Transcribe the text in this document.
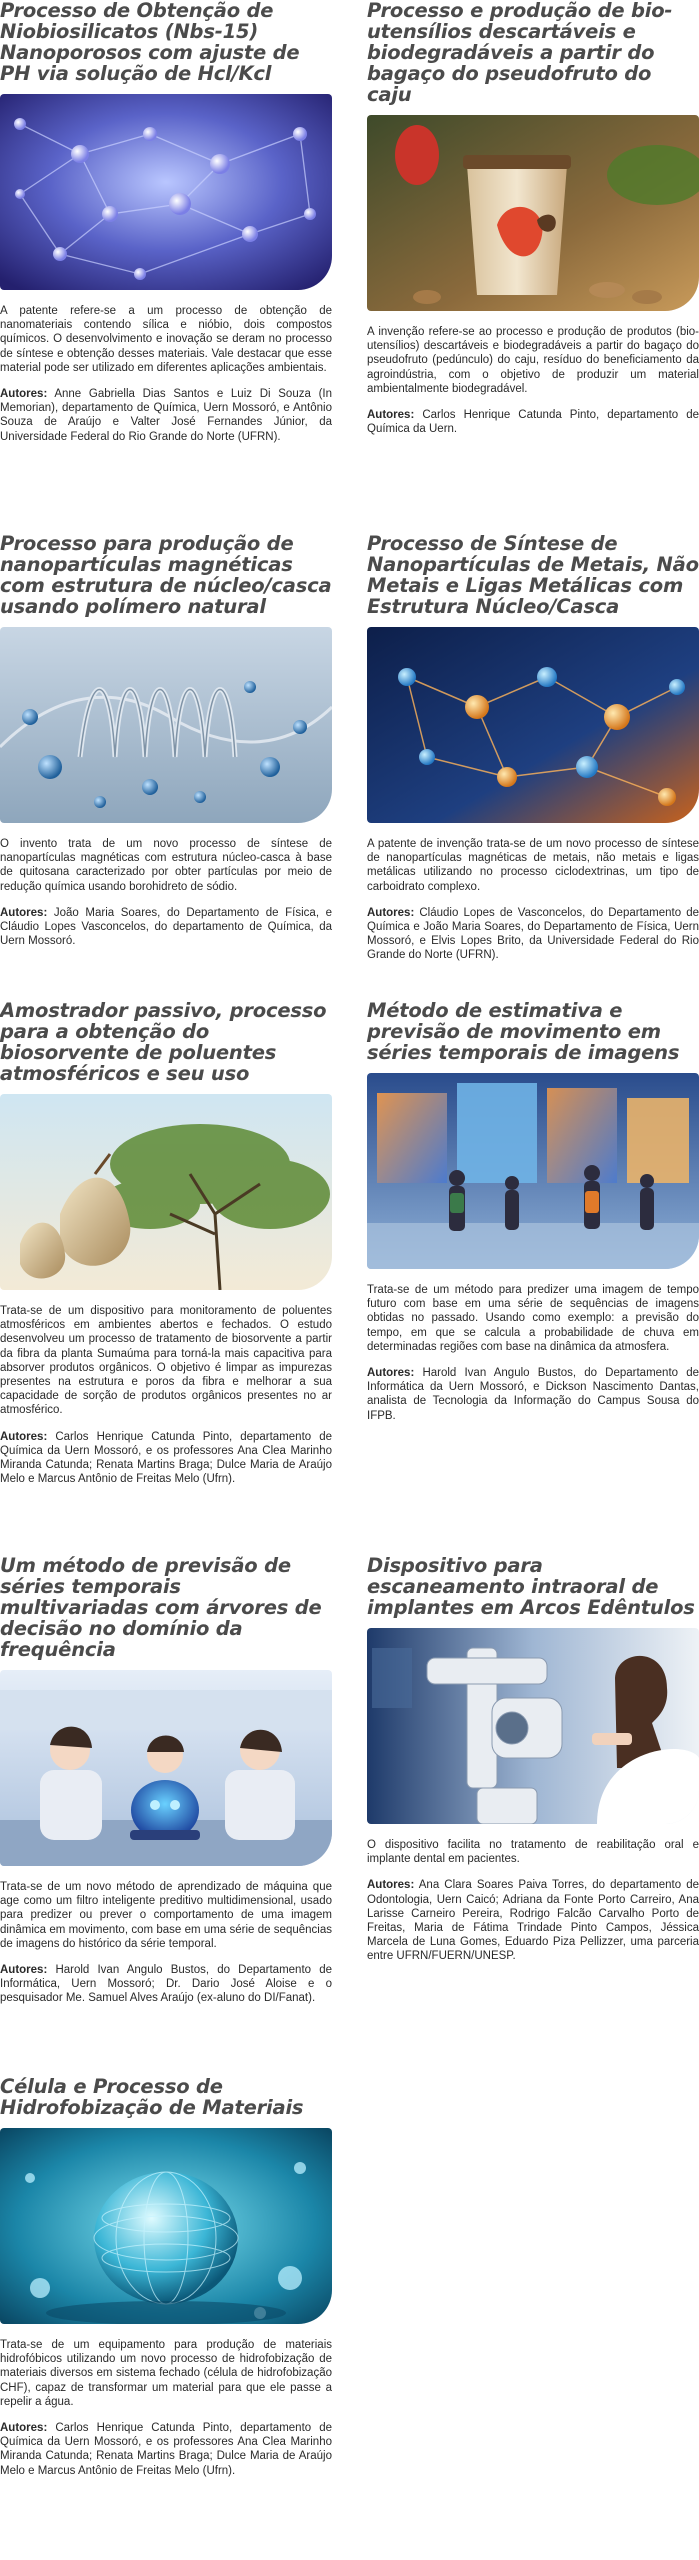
Processo de Obtenção de Niobiosilicatos (Nbs-15) Nanoporosos com ajuste de PH via solução de Hcl/Kcl

A patente refere-se a um processo de obtenção de nanomateriais contendo sílica e nióbio, dois compostos químicos. O desenvolvimento e inovação se deram no processo de síntese e obtenção desses materiais. Vale destacar que esse material pode ser utilizado em diferentes aplicações ambientais.

Autores: Anne Gabriella Dias Santos e Luiz Di Souza (In Memorian), departamento de Química, Uern Mossoró, e Antônio Souza de Araújo e Valter José Fernandes Júnior, da Universidade Federal do Rio Grande do Norte (UFRN).

Processo e produção de bio-utensílios descartáveis e biodegradáveis a partir do bagaço do pseudofruto do caju

A invenção refere-se ao processo e produção de produtos (bio-utensílios) descartáveis e biodegradáveis a partir do bagaço do pseudofruto (pedúnculo) do caju, resíduo do beneficiamento da agroindústria, com o objetivo de produzir um material ambientalmente biodegradável.

Autores: Carlos Henrique Catunda Pinto, departamento de Química da Uern.

Processo para produção de nanopartículas magnéticas com estrutura de núcleo/casca usando polímero natural

O invento trata de um novo processo de síntese de nanopartículas magnéticas com estrutura núcleo-casca à base de quitosana caracterizado por obter partículas por meio de redução química usando borohidreto de sódio.

Autores: João Maria Soares, do Departamento de Física, e Cláudio Lopes Vasconcelos, do departamento de Química, da Uern Mossoró.

Processo de Síntese de Nanopartículas de Metais, Não Metais e Ligas Metálicas com Estrutura Núcleo/Casca

A patente de invenção trata-se de um novo processo de síntese de nanopartículas magnéticas de metais, não metais e ligas metálicas utilizando no processo ciclodextrinas, um tipo de carboidrato complexo.

Autores: Cláudio Lopes de Vasconcelos, do Departamento de Química e João Maria Soares, do Departamento de Física, Uern Mossoró, e Elvis Lopes Brito, da Universidade Federal do Rio Grande do Norte (UFRN).

Amostrador passivo, processo para a obtenção do biosorvente de poluentes atmosféricos e seu uso

Trata-se de um dispositivo para monitoramento de poluentes atmosféricos em ambientes abertos e fechados. O estudo desenvolveu um processo de tratamento de biosorvente a partir da fibra da planta Sumaúma para torná-la mais capacitiva para absorver produtos orgânicos. O objetivo é limpar as impurezas presentes na estrutura e poros da fibra e melhorar a sua capacidade de sorção de produtos orgânicos presentes no ar atmosférico.

Autores: Carlos Henrique Catunda Pinto, departamento de Química da Uern Mossoró, e os professores Ana Clea Marinho Miranda Catunda; Renata Martins Braga; Dulce Maria de Araújo Melo e Marcus Antônio de Freitas Melo (Ufrn).

Método de estimativa e previsão de movimento em séries temporais de imagens

Trata-se de um método para predizer uma imagem de tempo futuro com base em uma série de sequências de imagens obtidas no passado. Usando como exemplo: a previsão do tempo, em que se calcula a probabilidade de chuva em determinadas regiões com base na dinâmica da atmosfera.

Autores: Harold Ivan Angulo Bustos, do Departamento de Informática da Uern Mossoró, e Dickson Nascimento Dantas, analista de Tecnologia da Informação do Campus Sousa do IFPB.

Um método de previsão de séries temporais multivariadas com árvores de decisão no domínio da frequência

Trata-se de um novo método de aprendizado de máquina que age como um filtro inteligente preditivo multidimensional, usado para predizer ou prever o comportamento de uma imagem dinâmica em movimento, com base em uma série de sequências de imagens do histórico da série temporal.

Autores: Harold Ivan Angulo Bustos, do Departamento de Informática, Uern Mossoró; Dr. Dario José Aloise e o pesquisador Me. Samuel Alves Araújo (ex-aluno do DI/Fanat).

Dispositivo para escaneamento intraoral de implantes em Arcos Edêntulos

O dispositivo facilita no tratamento de reabilitação oral e implante dental em pacientes.

Autores: Ana Clara Soares Paiva Torres, do departamento de Odontologia, Uern Caicó; Adriana da Fonte Porto Carreiro, Ana Larisse Carneiro Pereira, Rodrigo Falcão Carvalho Porto de Freitas, Maria de Fátima Trindade Pinto Campos, Jéssica Marcela de Luna Gomes, Eduardo Piza Pellizzer, uma parceria entre UFRN/FUERN/UNESP.

Célula e Processo de Hidrofobização de Materiais

Trata-se de um equipamento para produção de materiais hidrofóbicos utilizando um novo processo de hidrofobização de materiais diversos em sistema fechado (célula de hidrofobização CHF), capaz de transformar um material para que ele passe a repelir a água.

Autores: Carlos Henrique Catunda Pinto, departamento de Química da Uern Mossoró, e os professores Ana Clea Marinho Miranda Catunda; Renata Martins Braga; Dulce Maria de Araújo Melo e Marcus Antônio de Freitas Melo (Ufrn).
